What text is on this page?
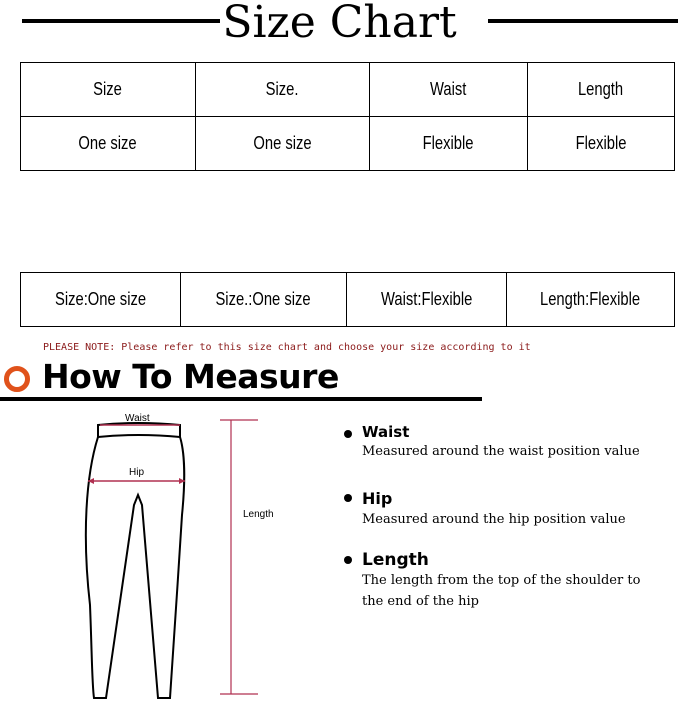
Size Chart
Size	Size.	Waist	Length
One size	One size	Flexible	Flexible
Size:One size	Size.:One size	Waist:Flexible	Length:Flexible
PLEASE NOTE: Please refer to this size chart and choose your size according to it
How To Measure
Waist
Hip
Length
Waist
Measured around the waist position value
Hip
Measured around the hip position value
Length
The length from the top of the shoulder to the end of the hip
